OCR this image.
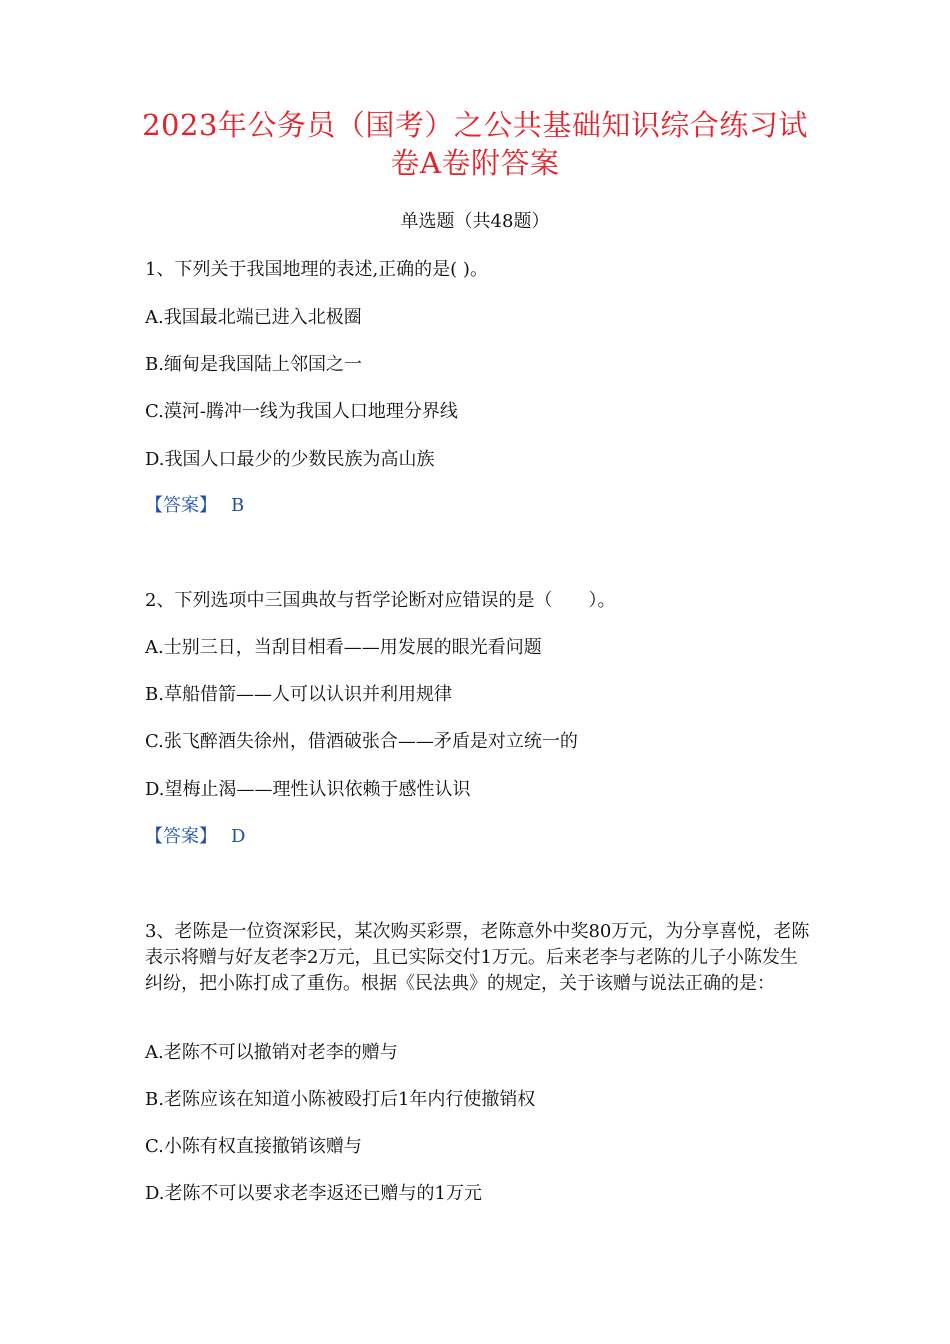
2023年公务员（国考）之公共基础知识综合练习试
卷A卷附答案
单选题（共48题）
1、下列关于我国地理的表述,正确的是( )。
A.我国最北端已进入北极圈
B.缅甸是我国陆上邻国之一
C.漠河-腾冲一线为我国人口地理分界线
D.我国人口最少的少数民族为高山族
【答案】 B
2、下列选项中三国典故与哲学论断对应错误的是（　　）。
A.士别三日，当刮目相看——用发展的眼光看问题
B.草船借箭——人可以认识并利用规律
C.张飞醉酒失徐州，借酒破张合——矛盾是对立统一的
D.望梅止渴——理性认识依赖于感性认识
【答案】 D
3、老陈是一位资深彩民，某次购买彩票，老陈意外中奖80万元，为分享喜悦，老陈表示将赠与好友老李2万元，且已实际交付1万元。后来老李与老陈的儿子小陈发生纠纷，把小陈打成了重伤。根据《民法典》的规定，关于该赠与说法正确的是：
A.老陈不可以撤销对老李的赠与
B.老陈应该在知道小陈被殴打后1年内行使撤销权
C.小陈有权直接撤销该赠与
D.老陈不可以要求老李返还已赠与的1万元
